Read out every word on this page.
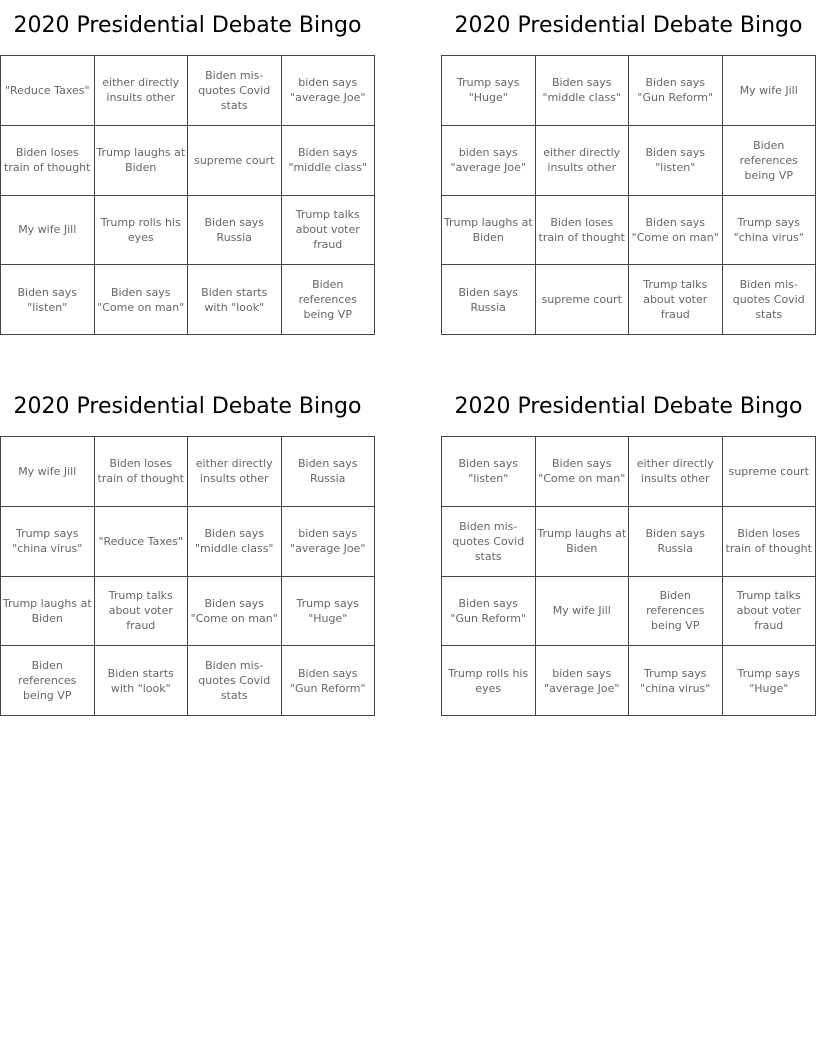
2020 Presidential Debate Bingo
"Reduce Taxes"
either directly insults other
Biden mis-quotes Covid stats
biden says "average Joe"
Biden loses train of thought
Trump laughs at Biden
supreme court
Biden says "middle class"
My wife Jill
Trump rolls his eyes
Biden says Russia
Trump talks about voter fraud
Biden says "listen"
Biden says "Come on man"
Biden starts with "look"
Biden references being VP
2020 Presidential Debate Bingo
Trump says "Huge"
Biden says "middle class"
Biden says "Gun Reform"
My wife Jill
biden says "average Joe"
either directly insults other
Biden says "listen"
Biden references being VP
Trump laughs at Biden
Biden loses train of thought
Biden says "Come on man"
Trump says "china virus"
Biden says Russia
supreme court
Trump talks about voter fraud
Biden mis-quotes Covid stats
2020 Presidential Debate Bingo
My wife Jill
Biden loses train of thought
either directly insults other
Biden says Russia
Trump says "china virus"
"Reduce Taxes"
Biden says "middle class"
biden says "average Joe"
Trump laughs at Biden
Trump talks about voter fraud
Biden says "Come on man"
Trump says "Huge"
Biden references being VP
Biden starts with "look"
Biden mis-quotes Covid stats
Biden says "Gun Reform"
2020 Presidential Debate Bingo
Biden says "listen"
Biden says "Come on man"
either directly insults other
supreme court
Biden mis-quotes Covid stats
Trump laughs at Biden
Biden says Russia
Biden loses train of thought
Biden says "Gun Reform"
My wife Jill
Biden references being VP
Trump talks about voter fraud
Trump rolls his eyes
biden says "average Joe"
Trump says "china virus"
Trump says "Huge"
